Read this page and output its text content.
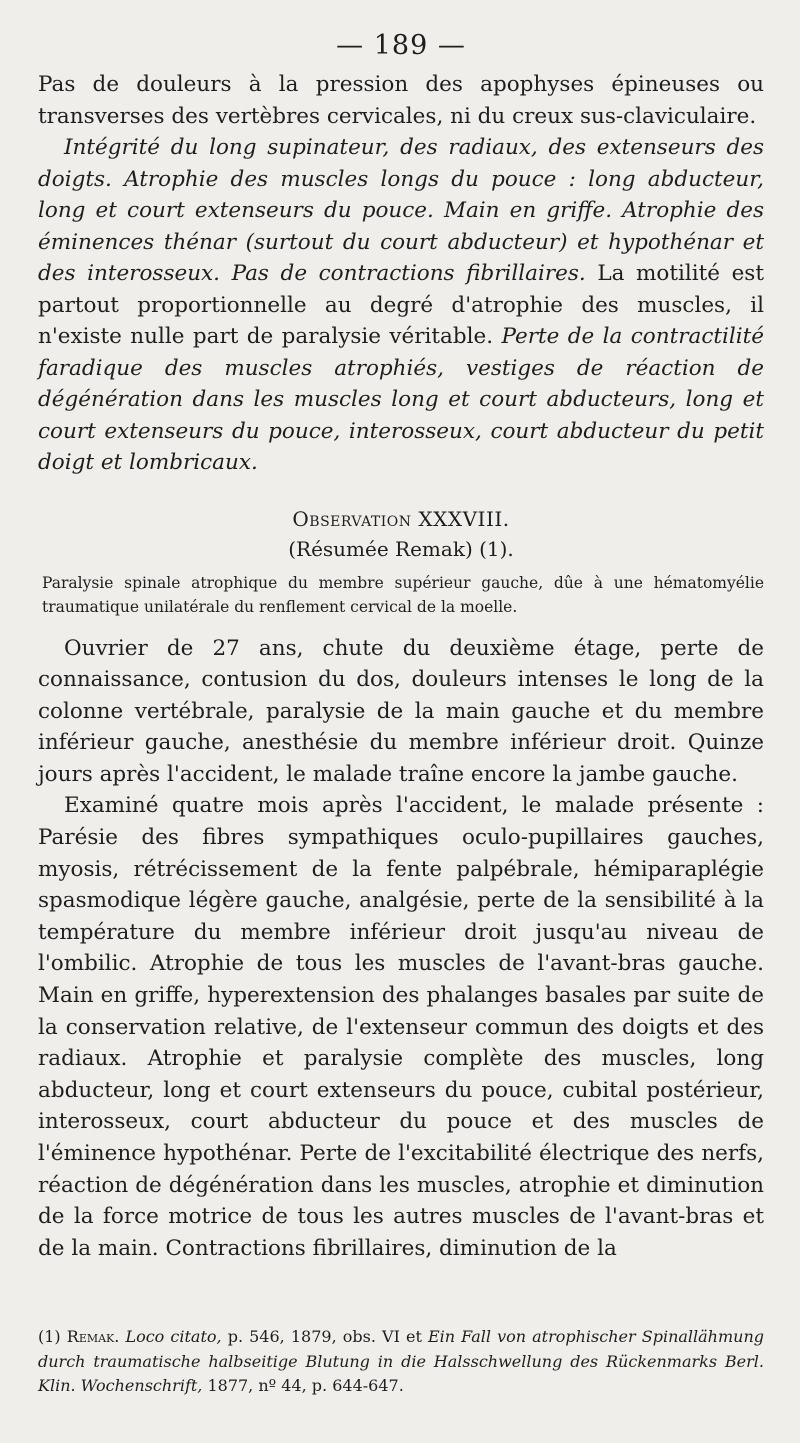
— 189 —

Pas de douleurs à la pression des apophyses épineuses ou transverses des vertèbres cervicales, ni du creux sus-claviculaire.

Intégrité du long supinateur, des radiaux, des extenseurs des doigts. Atrophie des muscles longs du pouce : long abducteur, long et court extenseurs du pouce. Main en griffe. Atrophie des éminences thénar (surtout du court abducteur) et hypothénar et des interosseux. Pas de contractions fibrillaires. La motilité est partout proportionnelle au degré d'atrophie des muscles, il n'existe nulle part de paralysie véritable. Perte de la contractilité faradique des muscles atrophiés, vestiges de réaction de dégénération dans les muscles long et court abducteurs, long et court extenseurs du pouce, interosseux, court abducteur du petit doigt et lombricaux.

Observation XXXVIII.
(Résumée Remak) (1).

Paralysie spinale atrophique du membre supérieur gauche, dûe à une hématomyélie traumatique unilatérale du renflement cervical de la moelle.

Ouvrier de 27 ans, chute du deuxième étage, perte de connaissance, contusion du dos, douleurs intenses le long de la colonne vertébrale, paralysie de la main gauche et du membre inférieur gauche, anesthésie du membre inférieur droit. Quinze jours après l'accident, le malade traîne encore la jambe gauche.

Examiné quatre mois après l'accident, le malade présente : Parésie des fibres sympathiques oculo-pupillaires gauches, myosis, rétrécissement de la fente palpébrale, hémiparaplégie spasmodique légère gauche, analgésie, perte de la sensibilité à la température du membre inférieur droit jusqu'au niveau de l'ombilic. Atrophie de tous les muscles de l'avant-bras gauche. Main en griffe, hyperextension des phalanges basales par suite de la conservation relative, de l'extenseur commun des doigts et des radiaux. Atrophie et paralysie complète des muscles, long abducteur, long et court extenseurs du pouce, cubital postérieur, interosseux, court abducteur du pouce et des muscles de l'éminence hypothénar. Perte de l'excitabilité électrique des nerfs, réaction de dégénération dans les muscles, atrophie et diminution de la force motrice de tous les autres muscles de l'avant-bras et de la main. Contractions fibrillaires, diminution de la

(1) Remak. Loco citato, p. 546, 1879, obs. VI et Ein Fall von atrophischer Spinallähmung durch traumatische halbseitige Blutung in die Halsschwellung des Rückenmarks Berl. Klin. Wochenschrift, 1877, nº 44, p. 644-647.
